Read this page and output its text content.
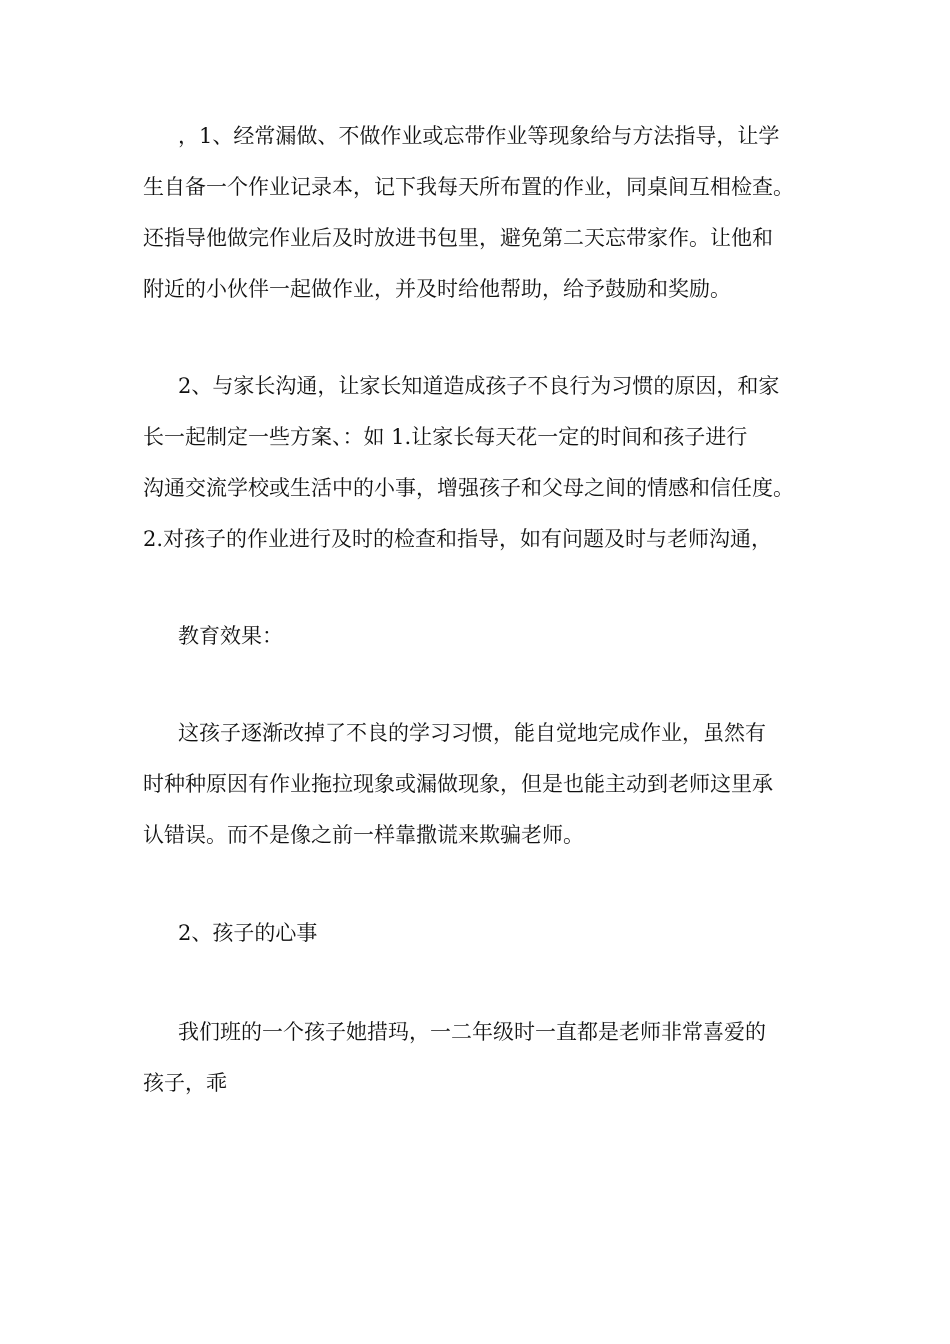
，1、经常漏做、不做作业或忘带作业等现象给与方法指导，让学
生自备一个作业记录本，记下我每天所布置的作业，同桌间互相检查。
还指导他做完作业后及时放进书包里，避免第二天忘带家作。让他和
附近的小伙伴一起做作业，并及时给他帮助，给予鼓励和奖励。
2、与家长沟通，让家长知道造成孩子不良行为习惯的原因，和家
长一起制定一些方案、：如 1.让家长每天花一定的时间和孩子进行
沟通交流学校或生活中的小事，增强孩子和父母之间的情感和信任度。
2.对孩子的作业进行及时的检查和指导，如有问题及时与老师沟通，
教育效果：
这孩子逐渐改掉了不良的学习习惯，能自觉地完成作业，虽然有
时种种原因有作业拖拉现象或漏做现象，但是也能主动到老师这里承
认错误。而不是像之前一样靠撒谎来欺骗老师。
2、孩子的心事
我们班的一个孩子她措玛，一二年级时一直都是老师非常喜爱的
孩子，乖
